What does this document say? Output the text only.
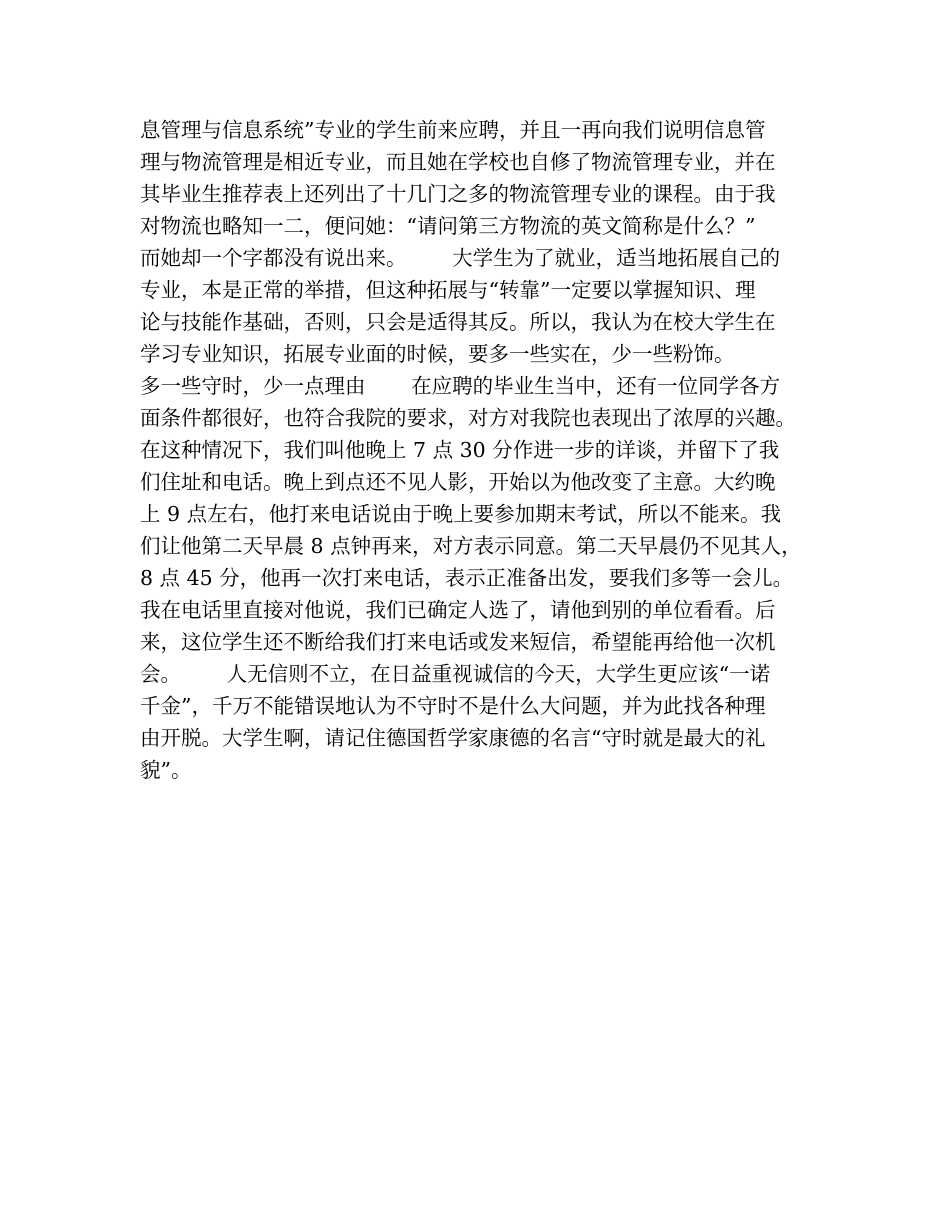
息管理与信息系统”专业的学生前来应聘，并且一再向我们说明信息管
理与物流管理是相近专业，而且她在学校也自修了物流管理专业，并在
其毕业生推荐表上还列出了十几门之多的物流管理专业的课程。由于我
对物流也略知一二，便问她：“请问第三方物流的英文简称是什么？”
而她却一个字都没有说出来。       大学生为了就业，适当地拓展自己的
专业，本是正常的举措，但这种拓展与“转靠”一定要以掌握知识、理
论与技能作基础，否则，只会是适得其反。所以，我认为在校大学生在
学习专业知识，拓展专业面的时候，要多一些实在，少一些粉饰。
多一些守时，少一点理由       在应聘的毕业生当中，还有一位同学各方
面条件都很好，也符合我院的要求，对方对我院也表现出了浓厚的兴趣。
在这种情况下，我们叫他晚上 7 点 30 分作进一步的详谈，并留下了我
们住址和电话。晚上到点还不见人影，开始以为他改变了主意。大约晚
上 9 点左右，他打来电话说由于晚上要参加期末考试，所以不能来。我
们让他第二天早晨 8 点钟再来，对方表示同意。第二天早晨仍不见其人，
8 点 45 分，他再一次打来电话，表示正准备出发，要我们多等一会儿。
我在电话里直接对他说，我们已确定人选了，请他到别的单位看看。后
来，这位学生还不断给我们打来电话或发来短信，希望能再给他一次机
会。       人无信则不立，在日益重视诚信的今天，大学生更应该“一诺
千金”，千万不能错误地认为不守时不是什么大问题，并为此找各种理
由开脱。大学生啊，请记住德国哲学家康德的名言“守时就是最大的礼
貌”。
